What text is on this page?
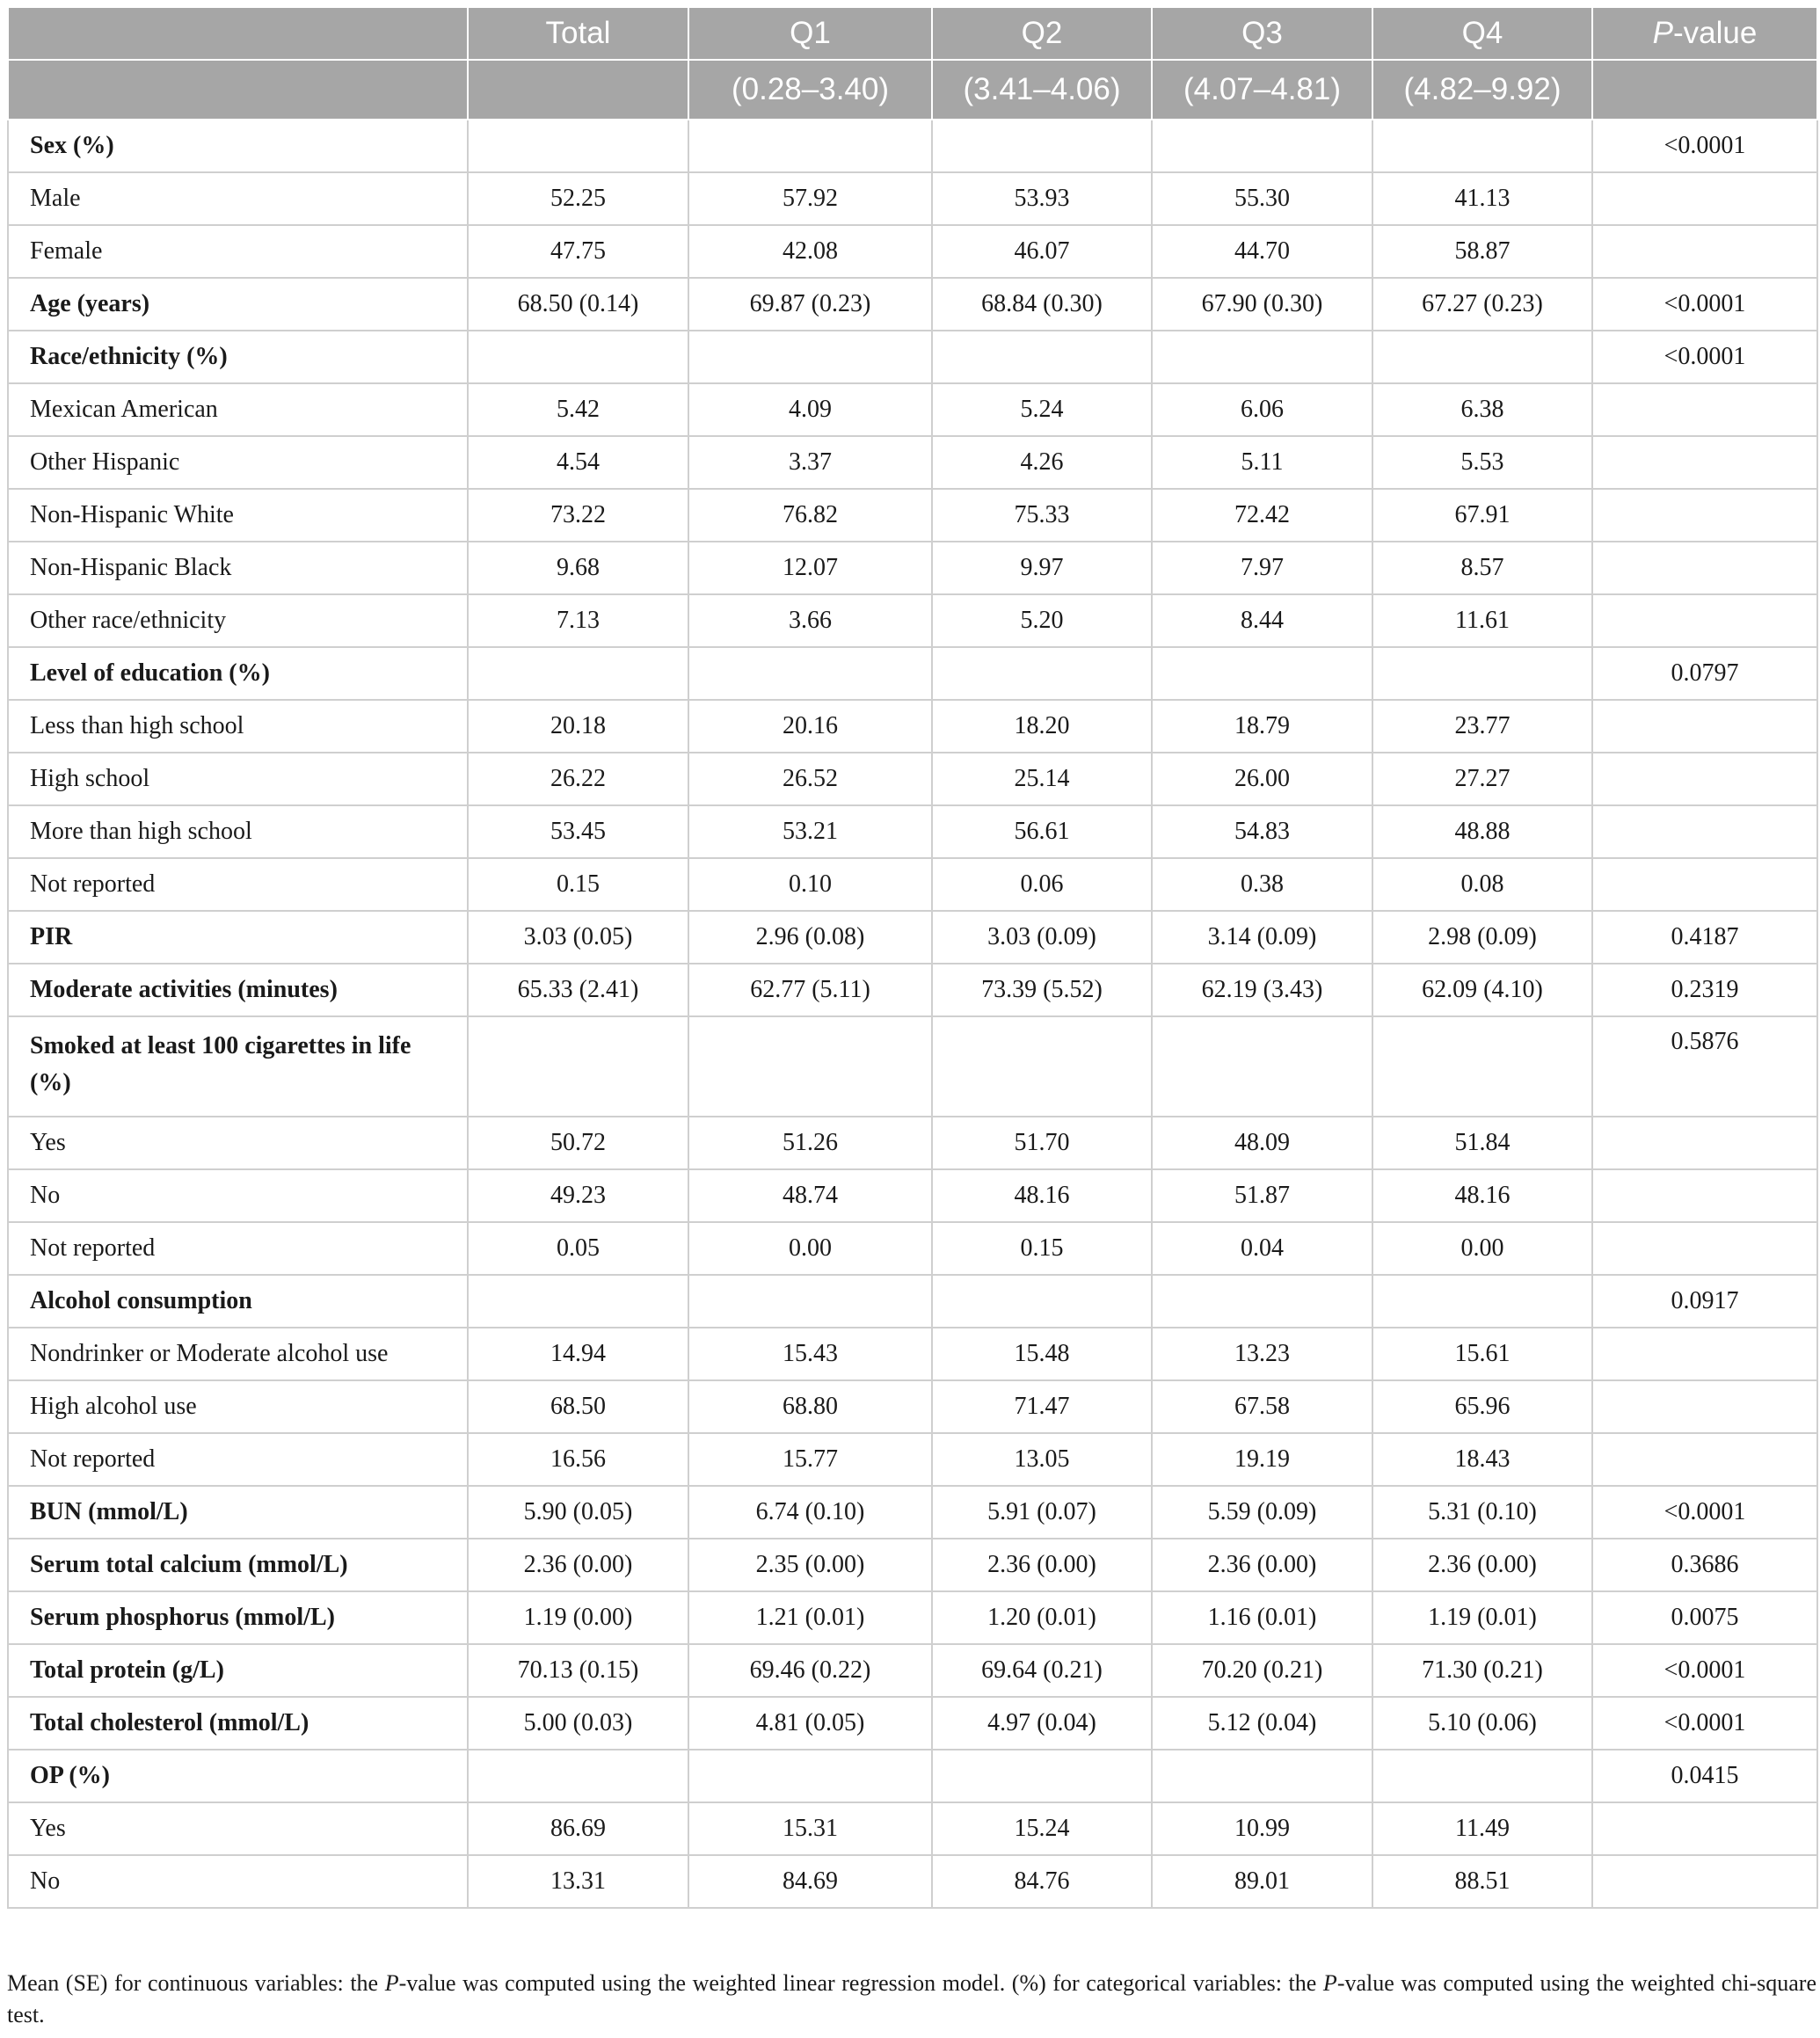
	Total	Q1	Q2	Q3	Q4	P-value
		(0.28–3.40)	(3.41–4.06)	(4.07–4.81)	(4.82–9.92)	
Sex (%)						<0.0001
Male	52.25	57.92	53.93	55.30	41.13	
Female	47.75	42.08	46.07	44.70	58.87	
Age (years)	68.50 (0.14)	69.87 (0.23)	68.84 (0.30)	67.90 (0.30)	67.27 (0.23)	<0.0001
Race/ethnicity (%)						<0.0001
Mexican American	5.42	4.09	5.24	6.06	6.38	
Other Hispanic	4.54	3.37	4.26	5.11	5.53	
Non-Hispanic White	73.22	76.82	75.33	72.42	67.91	
Non-Hispanic Black	9.68	12.07	9.97	7.97	8.57	
Other race/ethnicity	7.13	3.66	5.20	8.44	11.61	
Level of education (%)						0.0797
Less than high school	20.18	20.16	18.20	18.79	23.77	
High school	26.22	26.52	25.14	26.00	27.27	
More than high school	53.45	53.21	56.61	54.83	48.88	
Not reported	0.15	0.10	0.06	0.38	0.08	
PIR	3.03 (0.05)	2.96 (0.08)	3.03 (0.09)	3.14 (0.09)	2.98 (0.09)	0.4187
Moderate activities (minutes)	65.33 (2.41)	62.77 (5.11)	73.39 (5.52)	62.19 (3.43)	62.09 (4.10)	0.2319
Smoked at least 100 cigarettes in life (%)						0.5876
Yes	50.72	51.26	51.70	48.09	51.84	
No	49.23	48.74	48.16	51.87	48.16	
Not reported	0.05	0.00	0.15	0.04	0.00	
Alcohol consumption						0.0917
Nondrinker or Moderate alcohol use	14.94	15.43	15.48	13.23	15.61	
High alcohol use	68.50	68.80	71.47	67.58	65.96	
Not reported	16.56	15.77	13.05	19.19	18.43	
BUN (mmol/L)	5.90 (0.05)	6.74 (0.10)	5.91 (0.07)	5.59 (0.09)	5.31 (0.10)	<0.0001
Serum total calcium (mmol/L)	2.36 (0.00)	2.35 (0.00)	2.36 (0.00)	2.36 (0.00)	2.36 (0.00)	0.3686
Serum phosphorus (mmol/L)	1.19 (0.00)	1.21 (0.01)	1.20 (0.01)	1.16 (0.01)	1.19 (0.01)	0.0075
Total protein (g/L)	70.13 (0.15)	69.46 (0.22)	69.64 (0.21)	70.20 (0.21)	71.30 (0.21)	<0.0001
Total cholesterol (mmol/L)	5.00 (0.03)	4.81 (0.05)	4.97 (0.04)	5.12 (0.04)	5.10 (0.06)	<0.0001
OP (%)						0.0415
Yes	86.69	15.31	15.24	10.99	11.49	
No	13.31	84.69	84.76	89.01	88.51	
Mean (SE) for continuous variables: the P-value was computed using the weighted linear regression model. (%) for categorical variables: the P-value was computed using the weighted chi-square test.
